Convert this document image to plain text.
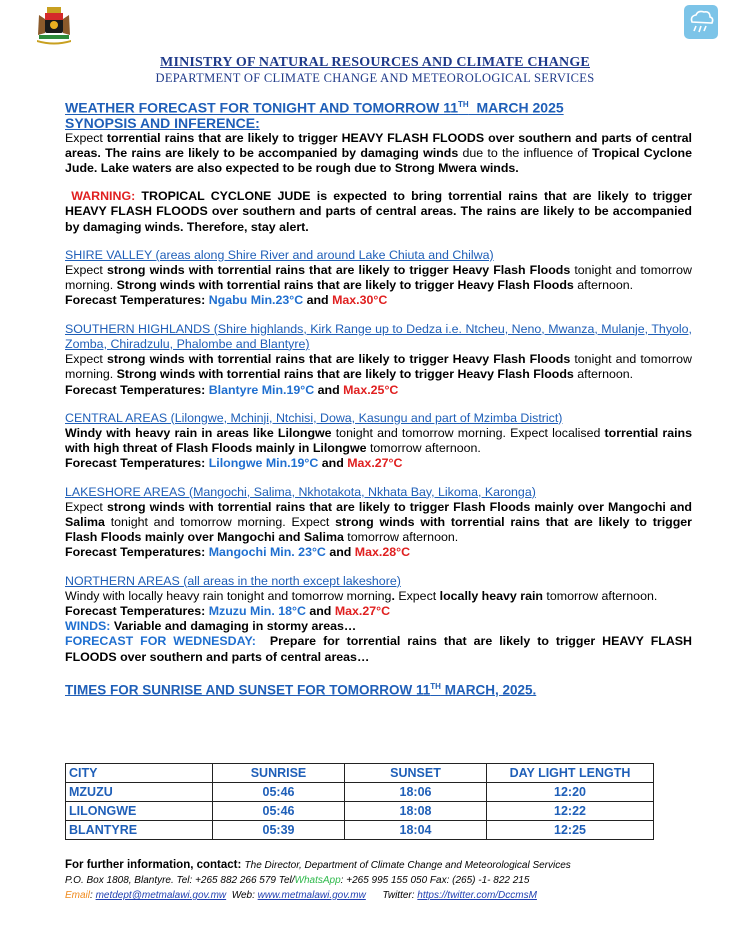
MINISTRY OF NATURAL RESOURCES AND CLIMATE CHANGE
DEPARTMENT OF CLIMATE CHANGE AND METEOROLOGICAL SERVICES
WEATHER FORECAST FOR TONIGHT AND TOMORROW 11TH  MARCH 2025
SYNOPSIS AND INFERENCE:
Expect torrential rains that are likely to trigger HEAVY FLASH FLOODS over southern and parts of central areas. The rains are likely to be accompanied by damaging winds due to the influence of Tropical Cyclone Jude. Lake waters are also expected to be rough due to Strong Mwera winds.
WARNING: TROPICAL CYCLONE JUDE is expected to bring torrential rains that are likely to trigger HEAVY FLASH FLOODS over southern and parts of central areas. The rains are likely to be accompanied by damaging winds. Therefore, stay alert.
SHIRE VALLEY (areas along Shire River and around Lake Chiuta and Chilwa)
Expect strong winds with torrential rains that are likely to trigger Heavy Flash Floods tonight and tomorrow morning. Strong winds with torrential rains that are likely to trigger Heavy Flash Floods afternoon.
Forecast Temperatures: Ngabu Min.23°C and Max.30°C
SOUTHERN HIGHLANDS (Shire highlands, Kirk Range up to Dedza i.e. Ntcheu, Neno, Mwanza, Mulanje, Thyolo, Zomba, Chiradzulu, Phalombe and Blantyre)
Expect strong winds with torrential rains that are likely to trigger Heavy Flash Floods tonight and tomorrow morning. Strong winds with torrential rains that are likely to trigger Heavy Flash Floods afternoon.
Forecast Temperatures: Blantyre Min.19°C and Max.25°C
CENTRAL AREAS (Lilongwe, Mchinji, Ntchisi, Dowa, Kasungu and part of Mzimba District)
Windy with heavy rain in areas like Lilongwe tonight and tomorrow morning. Expect localised torrential rains with high threat of Flash Floods mainly in Lilongwe tomorrow afternoon.
Forecast Temperatures: Lilongwe Min.19°C and Max.27°C
LAKESHORE AREAS (Mangochi, Salima, Nkhotakota, Nkhata Bay, Likoma, Karonga)
Expect strong winds with torrential rains that are likely to trigger Flash Floods mainly over Mangochi and Salima tonight and tomorrow morning. Expect strong winds with torrential rains that are likely to trigger Flash Floods mainly over Mangochi and Salima tomorrow afternoon.
Forecast Temperatures: Mangochi Min. 23°C and Max.28°C
NORTHERN AREAS (all areas in the north except lakeshore)
Windy with locally heavy rain tonight and tomorrow morning. Expect locally heavy rain tomorrow afternoon.
Forecast Temperatures: Mzuzu Min. 18°C and Max.27°C
WINDS: Variable and damaging in stormy areas…
FORECAST FOR WEDNESDAY:  Prepare for torrential rains that are likely to trigger HEAVY FLASH FLOODS over southern and parts of central areas…
TIMES FOR SUNRISE AND SUNSET FOR TOMORROW 11TH MARCH, 2025.
CITY	SUNRISE	SUNSET	DAY LIGHT LENGTH
MZUZU	05:46	18:06	12:20
LILONGWE	05:46	18:08	12:22
BLANTYRE	05:39	18:04	12:25
For further information, contact: The Director, Department of Climate Change and Meteorological Services
P.O. Box 1808, Blantyre. Tel: +265 882 266 579 Tel/WhatsApp: +265 995 155 050 Fax: (265) -1- 822 215
Email: metdept@metmalawi.gov.mw  Web: www.metmalawi.gov.mw      Twitter: https://twitter.com/DccmsM
